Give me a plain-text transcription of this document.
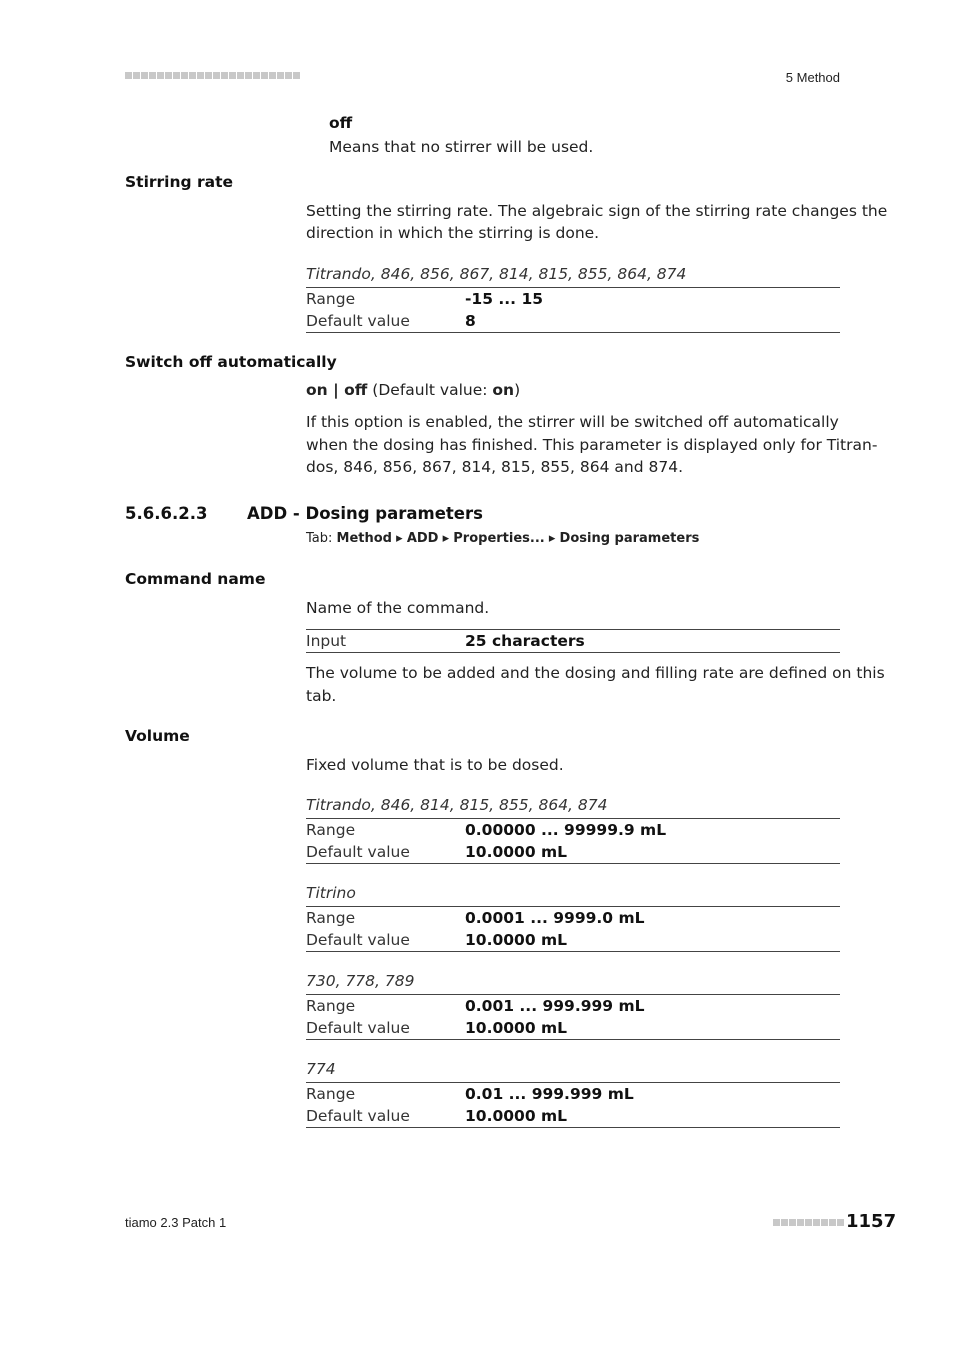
5 Method
off
Means that no stirrer will be used.
Stirring rate
Setting the stirring rate. The algebraic sign of the stirring rate changes the
direction in which the stirring is done.
Titrando, 846, 856, 867, 814, 815, 855, 864, 874
Range	-15 ... 15
Default value	8
Switch off automatically
on | off (Default value: on)
If this option is enabled, the stirrer will be switched off automatically
when the dosing has finished. This parameter is displayed only for Titran-
dos, 846, 856, 867, 814, 815, 855, 864 and 874.
5.6.6.2.3 ADD - Dosing parameters
Tab: Method ▸ ADD ▸ Properties... ▸ Dosing parameters
Command name
Name of the command.
Input	25 characters
The volume to be added and the dosing and filling rate are defined on this
tab.
Volume
Fixed volume that is to be dosed.
Titrando, 846, 814, 815, 855, 864, 874
Range	0.00000 ... 99999.9 mL
Default value	10.0000 mL
Titrino
Range	0.0001 ... 9999.0 mL
Default value	10.0000 mL
730, 778, 789
Range	0.001 ... 999.999 mL
Default value	10.0000 mL
774
Range	0.01 ... 999.999 mL
Default value	10.0000 mL
tiamo 2.3 Patch 1	1157
